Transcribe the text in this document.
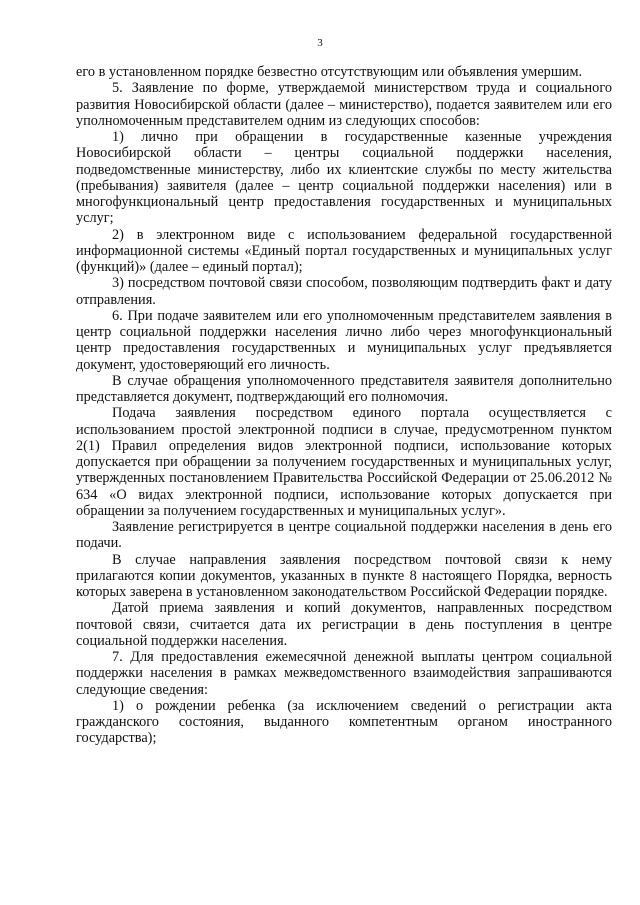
3

его в установленном порядке безвестно отсутствующим или объявления умершим.

5. Заявление по форме, утверждаемой министерством труда и социального развития Новосибирской области (далее – министерство), подается заявителем или его уполномоченным представителем одним из следующих способов:

1) лично при обращении в государственные казенные учреждения Новосибирской области – центры социальной поддержки населения, подведомственные министерству, либо их клиентские службы по месту жительства (пребывания) заявителя (далее – центр социальной поддержки населения) или в многофункциональный центр предоставления государственных и муниципальных услуг;

2) в электронном виде с использованием федеральной государственной информационной системы «Единый портал государственных и муниципальных услуг (функций)» (далее – единый портал);

3) посредством почтовой связи способом, позволяющим подтвердить факт и дату отправления.

6. При подаче заявителем или его уполномоченным представителем заявления в центр социальной поддержки населения лично либо через многофункциональный центр предоставления государственных и муниципальных услуг предъявляется документ, удостоверяющий его личность.

В случае обращения уполномоченного представителя заявителя дополнительно представляется документ, подтверждающий его полномочия.

Подача заявления посредством единого портала осуществляется с использованием простой электронной подписи в случае, предусмотренном пунктом 2(1) Правил определения видов электронной подписи, использование которых допускается при обращении за получением государственных и муниципальных услуг, утвержденных постановлением Правительства Российской Федерации от 25.06.2012 № 634 «О видах электронной подписи, использование которых допускается при обращении за получением государственных и муниципальных услуг».

Заявление регистрируется в центре социальной поддержки населения в день его подачи.

В случае направления заявления посредством почтовой связи к нему прилагаются копии документов, указанных в пункте 8 настоящего Порядка, верность которых заверена в установленном законодательством Российской Федерации порядке.

Датой приема заявления и копий документов, направленных посредством почтовой связи, считается дата их регистрации в день поступления в центре социальной поддержки населения.

7. Для предоставления ежемесячной денежной выплаты центром социальной поддержки населения в рамках межведомственного взаимодействия запрашиваются следующие сведения:

1) о рождении ребенка (за исключением сведений о регистрации акта гражданского состояния, выданного компетентным органом иностранного государства);
